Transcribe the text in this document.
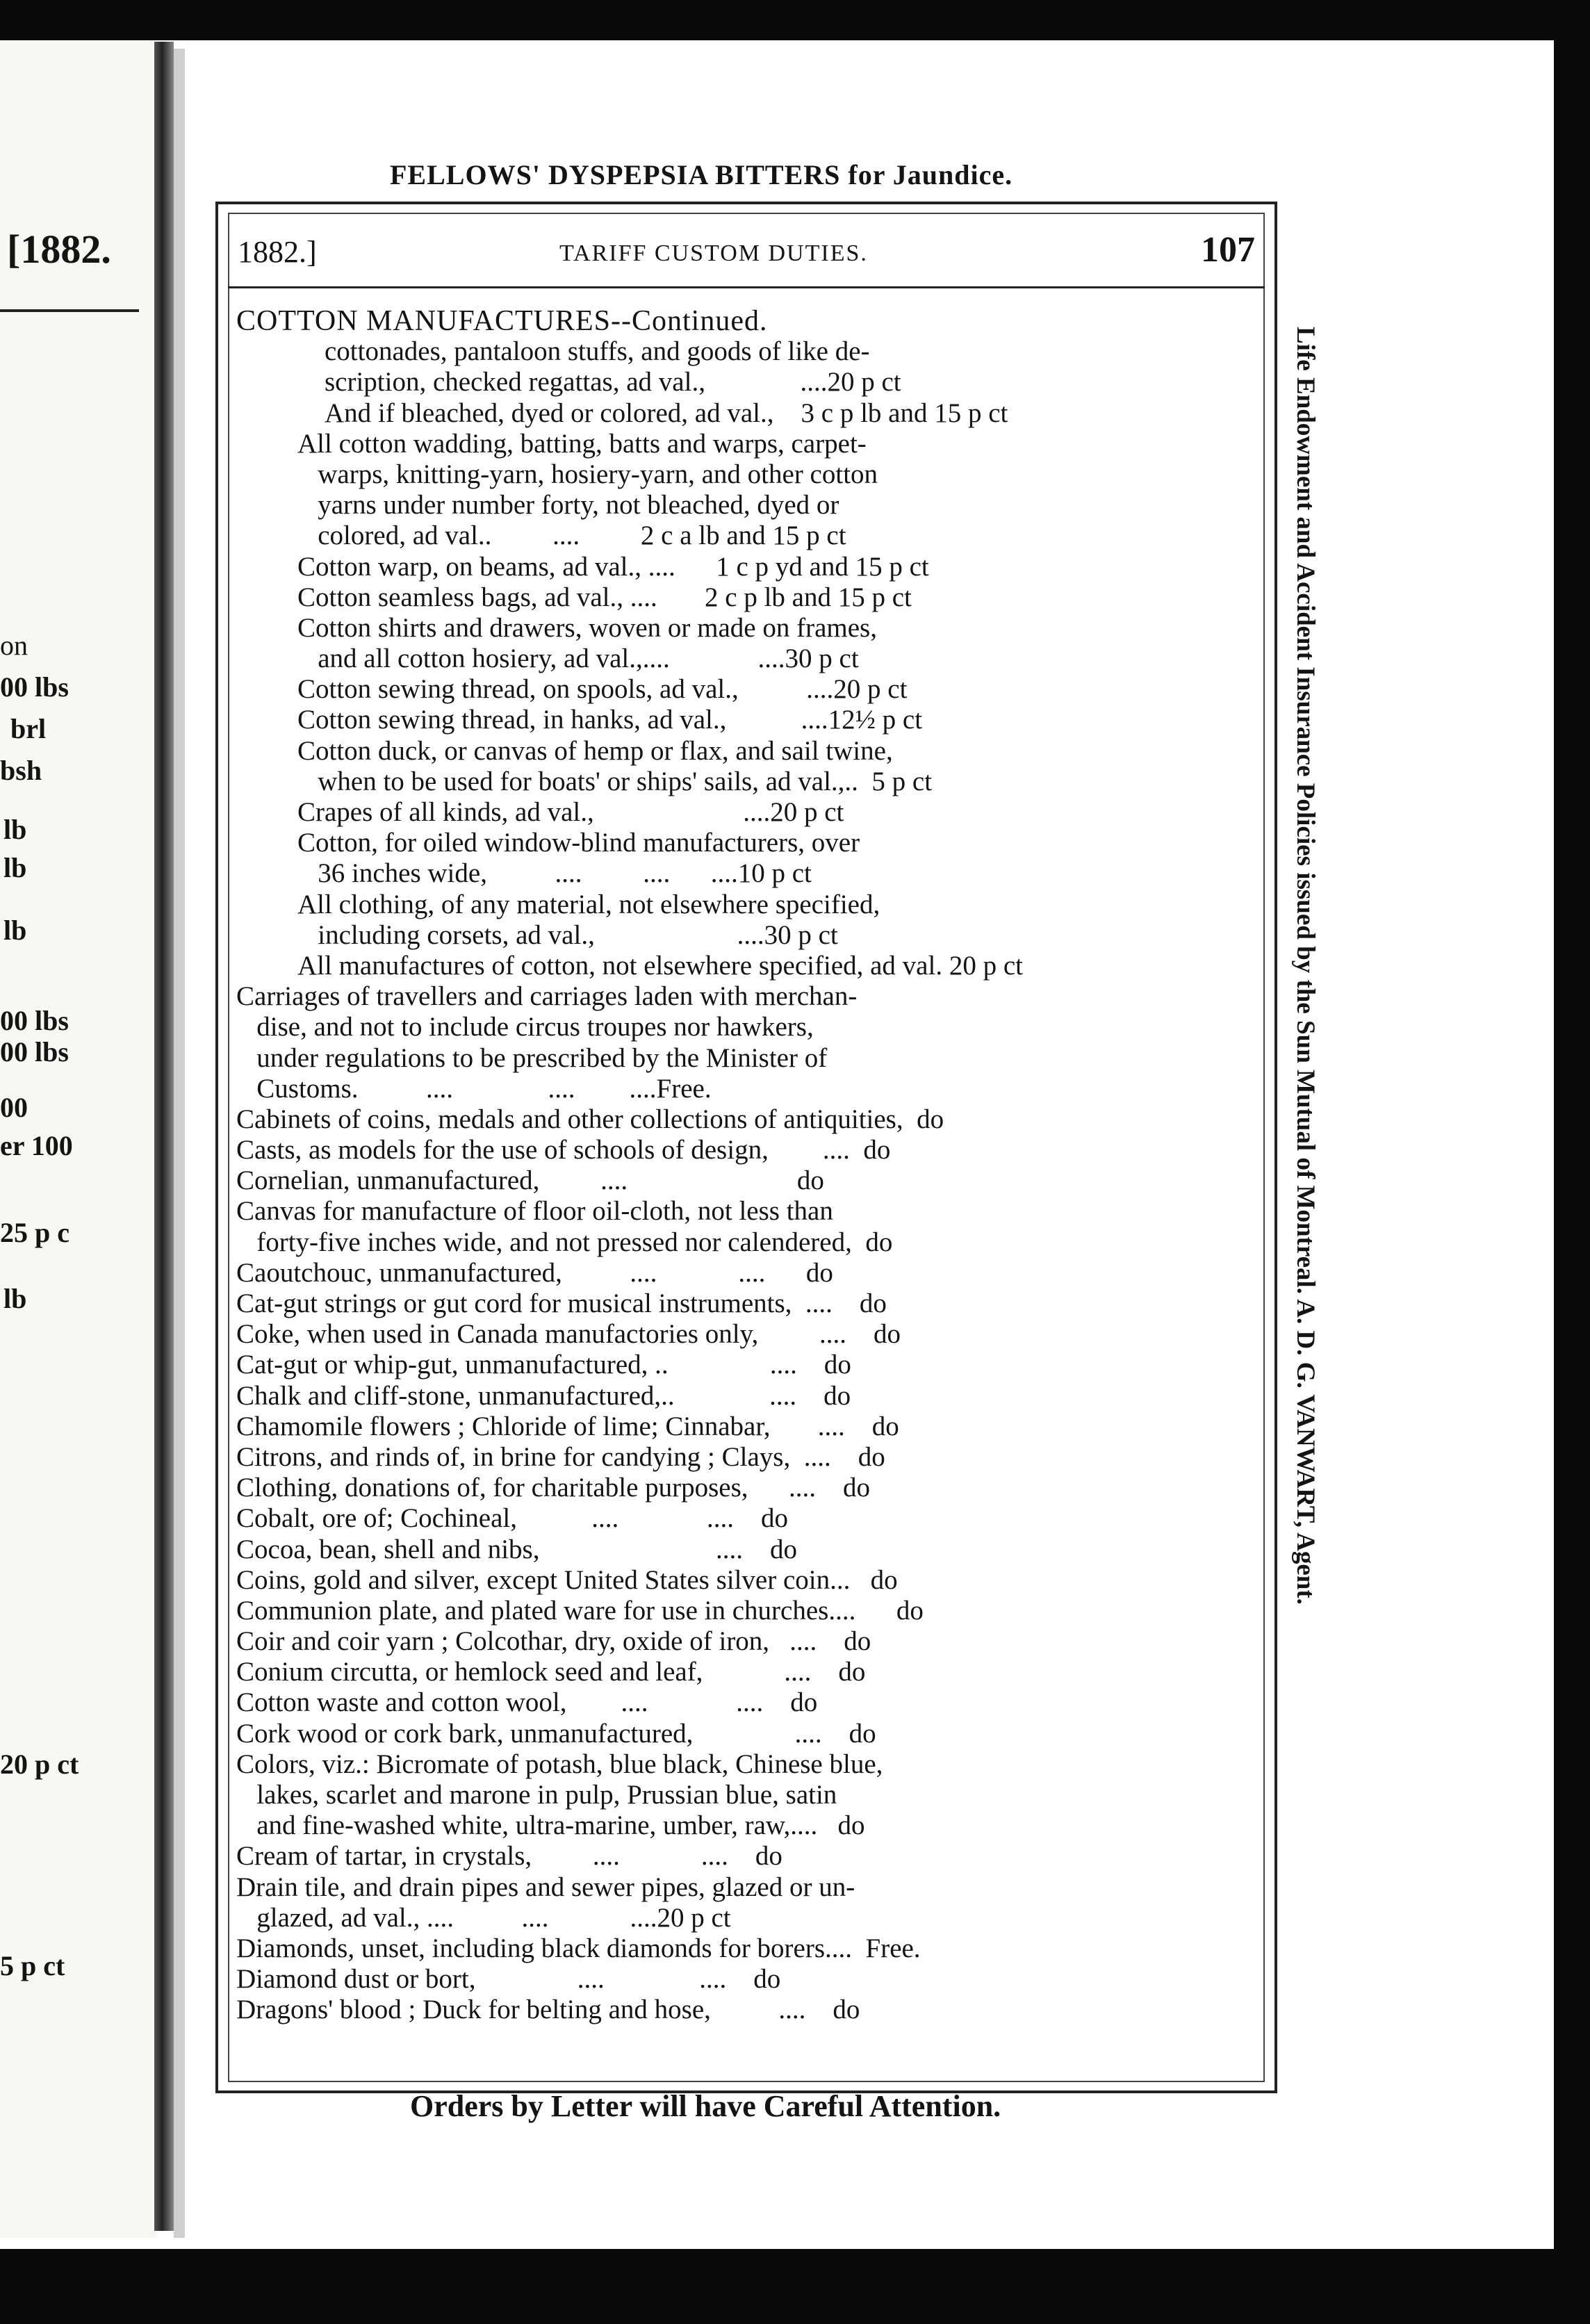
[1882.
on
00 lbs
brl
bsh
lb
lb
lb
00 lbs
00 lbs
00
er 100
25 p c
lb
20 p ct
5 p ct
FELLOWS' DYSPEPSIA BITTERS for Jaundice.
1882.]	TARIFF CUSTOM DUTIES.	107
COTTON MANUFACTURES--Continued.
cottonades, pantaloon stuffs, and goods of like de-
scription, checked regattas, ad val.,              ....20 p ct
And if bleached, dyed or colored, ad val.,    3 c p lb and 15 p ct
All cotton wadding, batting, batts and warps, carpet-
warps, knitting-yarn, hosiery-yarn, and other cotton
yarns under number forty, not bleached, dyed or
colored, ad val..         ....         2 c a lb and 15 p ct
Cotton warp, on beams, ad val., ....      1 c p yd and 15 p ct
Cotton seamless bags, ad val., ....       2 c p lb and 15 p ct
Cotton shirts and drawers, woven or made on frames,
and all cotton hosiery, ad val.,....             ....30 p ct
Cotton sewing thread, on spools, ad val.,          ....20 p ct
Cotton sewing thread, in hanks, ad val.,           ....12½ p ct
Cotton duck, or canvas of hemp or flax, and sail twine,
when to be used for boats' or ships' sails, ad val.,..  5 p ct
Crapes of all kinds, ad val.,                      ....20 p ct
Cotton, for oiled window-blind manufacturers, over
36 inches wide,          ....         ....      ....10 p ct
All clothing, of any material, not elsewhere specified,
including corsets, ad val.,                     ....30 p ct
All manufactures of cotton, not elsewhere specified, ad val. 20 p ct
Carriages of travellers and carriages laden with merchan-
dise, and not to include circus troupes nor hawkers,
under regulations to be prescribed by the Minister of
Customs.          ....              ....        ....Free.
Cabinets of coins, medals and other collections of antiquities,  do
Casts, as models for the use of schools of design,        ....  do
Cornelian, unmanufactured,         ....                         do
Canvas for manufacture of floor oil-cloth, not less than
forty-five inches wide, and not pressed nor calendered,  do
Caoutchouc, unmanufactured,          ....            ....      do
Cat-gut strings or gut cord for musical instruments,  ....    do
Coke, when used in Canada manufactories only,         ....    do
Cat-gut or whip-gut, unmanufactured, ..               ....    do
Chalk and cliff-stone, unmanufactured,..              ....    do
Chamomile flowers ; Chloride of lime; Cinnabar,       ....    do
Citrons, and rinds of, in brine for candying ; Clays,  ....    do
Clothing, donations of, for charitable purposes,      ....    do
Cobalt, ore of; Cochineal,           ....             ....    do
Cocoa, bean, shell and nibs,                          ....    do
Coins, gold and silver, except United States silver coin...   do
Communion plate, and plated ware for use in churches....      do
Coir and coir yarn ; Colcothar, dry, oxide of iron,   ....    do
Conium circutta, or hemlock seed and leaf,            ....    do
Cotton waste and cotton wool,        ....             ....    do
Cork wood or cork bark, unmanufactured,               ....    do
Colors, viz.: Bicromate of potash, blue black, Chinese blue,
lakes, scarlet and marone in pulp, Prussian blue, satin
and fine-washed white, ultra-marine, umber, raw,....   do
Cream of tartar, in crystals,         ....            ....    do
Drain tile, and drain pipes and sewer pipes, glazed or un-
glazed, ad val., ....          ....            ....20 p ct
Diamonds, unset, including black diamonds for borers....  Free.
Diamond dust or bort,               ....              ....    do
Dragons' blood ; Duck for belting and hose,          ....    do
Life Endowment and Accident Insurance Policies issued by the Sun Mutual of Montreal. A. D. G. VANWART, Agent.
Orders by Letter will have Careful Attention.
